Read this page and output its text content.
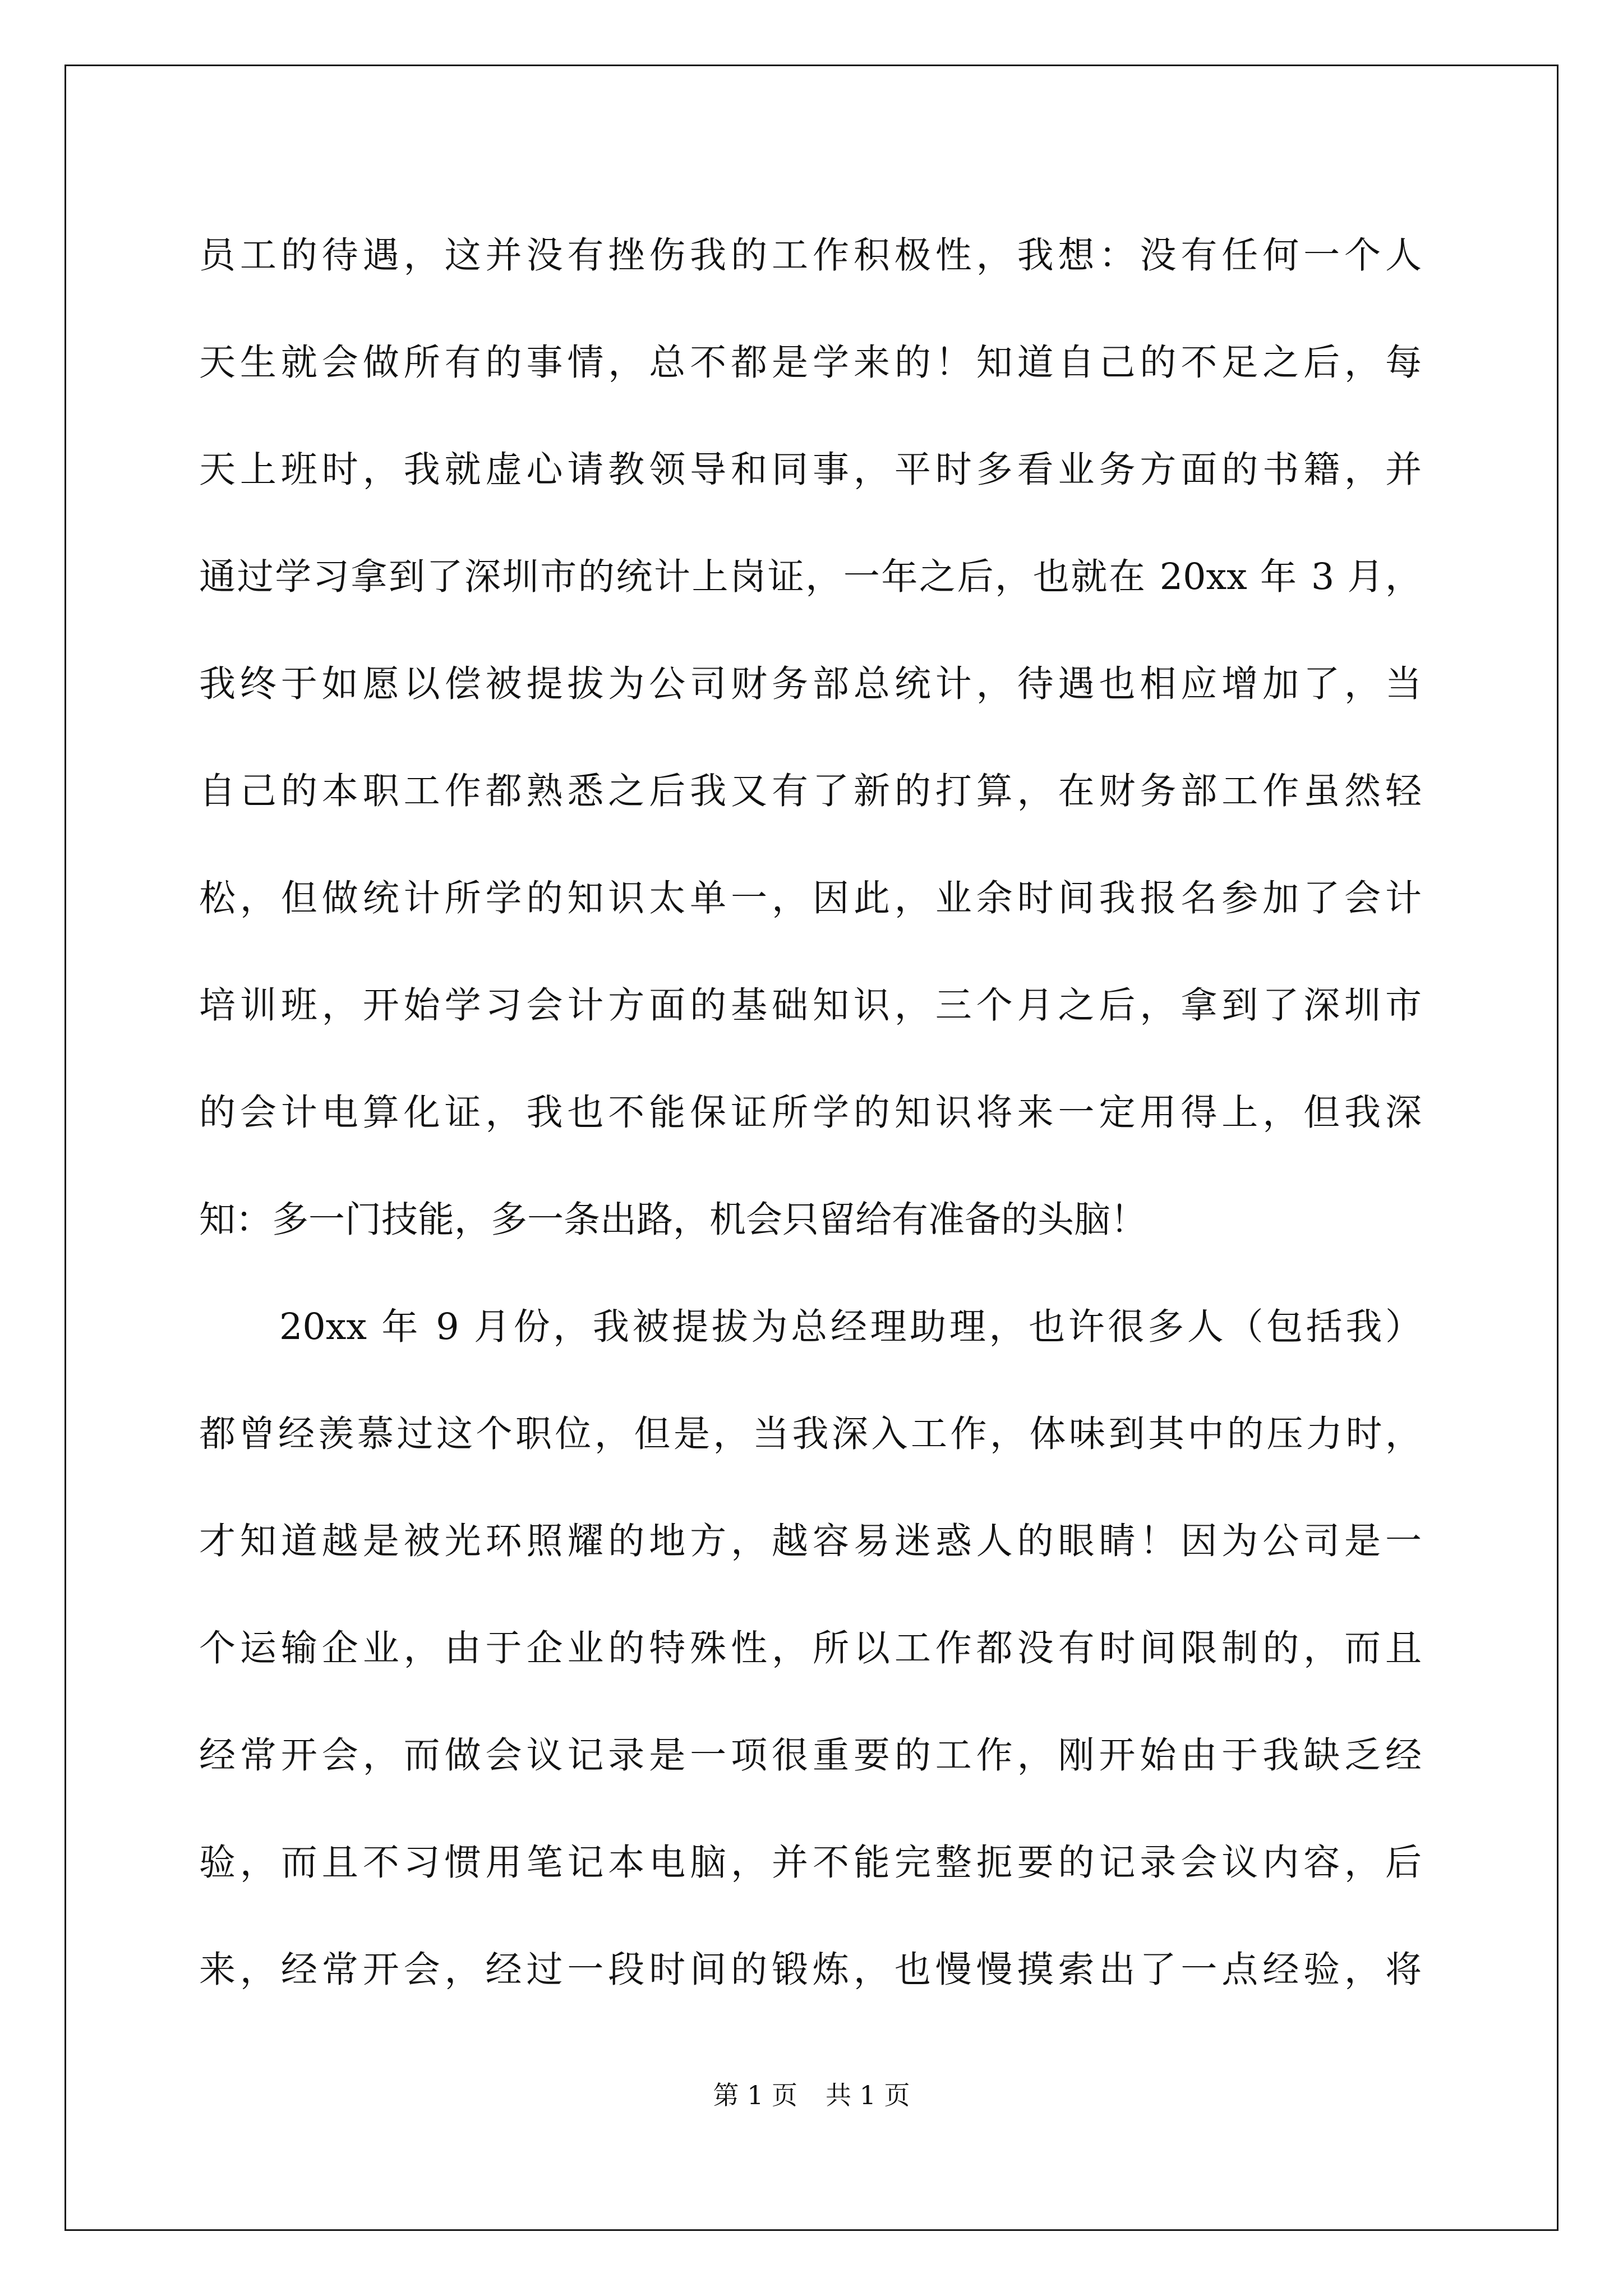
员工的待遇，这并没有挫伤我的工作积极性，我想：没有任何一个人
天生就会做所有的事情，总不都是学来的！知道自己的不足之后，每
天上班时，我就虚心请教领导和同事，平时多看业务方面的书籍，并
通过学习拿到了深圳市的统计上岗证，一年之后，也就在 20xx 年 3 月，
我终于如愿以偿被提拔为公司财务部总统计，待遇也相应增加了，当
自己的本职工作都熟悉之后我又有了新的打算，在财务部工作虽然轻
松，但做统计所学的知识太单一，因此，业余时间我报名参加了会计
培训班，开始学习会计方面的基础知识，三个月之后，拿到了深圳市
的会计电算化证，我也不能保证所学的知识将来一定用得上，但我深
知：多一门技能，多一条出路，机会只留给有准备的头脑！
20xx 年 9 月份，我被提拔为总经理助理，也许很多人（包括我）
都曾经羡慕过这个职位，但是，当我深入工作，体味到其中的压力时，
才知道越是被光环照耀的地方，越容易迷惑人的眼睛！因为公司是一
个运输企业，由于企业的特殊性，所以工作都没有时间限制的，而且
经常开会，而做会议记录是一项很重要的工作，刚开始由于我缺乏经
验，而且不习惯用笔记本电脑，并不能完整扼要的记录会议内容，后
来，经常开会，经过一段时间的锻炼，也慢慢摸索出了一点经验，将
第 1 页 共 1 页
